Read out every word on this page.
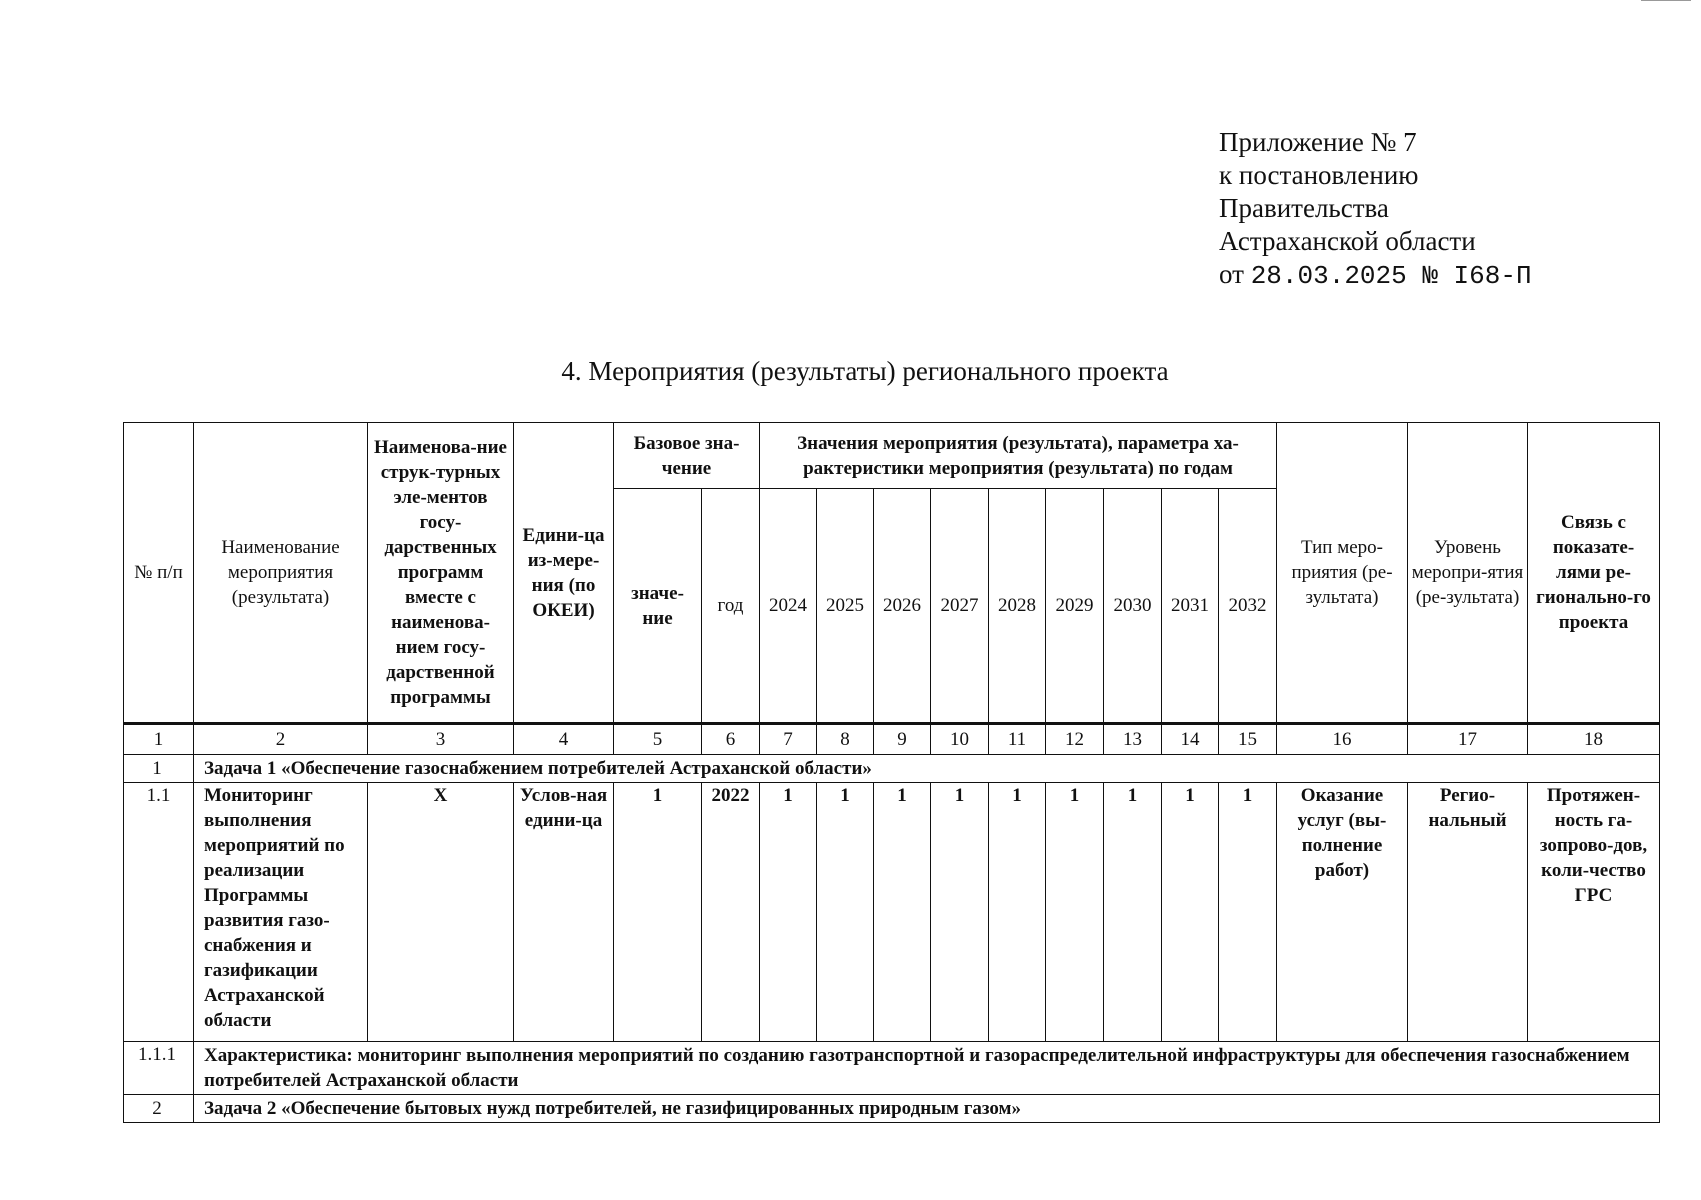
Приложение № 7
к постановлению
Правительства
Астраханской области
от 28.03.2025 № I68-П
4. Мероприятия (результаты) регионального проекта
№ п/п	Наименование мероприятия (результата)	Наименова-ние струк-турных эле-ментов госу-дарственных программ вместе с наименова-нием госу-дарственной программы	Едини-ца из-мере-ния (по ОКЕИ)	Базовое зна-чение		Значения мероприятия (результата), параметра ха-рактеристики мероприятия (результата) по годам									Тип меро-приятия (ре-зультата)	Уровень меропри-ятия (ре-зультата)	Связь с показате-лями ре-гионально-го проекта
				значе-ние	год	2024	2025	2026	2027	2028	2029	2030	2031	2032			
1	2	3	4	5	6	7	8	9	10	11	12	13	14	15	16	17	18
1	Задача 1 «Обеспечение газоснабжением потребителей Астраханской области»																
1.1	Мониторинг выполнения мероприятий по реализации Программы развития газо-снабжения и газификации Астраханской области	Х	Услов-ная едини-ца	1	2022	1	1	1	1	1	1	1	1	1	Оказание услуг (вы-полнение работ)	Регио-нальный	Протяжен-ность га-зопрово-дов, коли-чество ГРС
1.1.1	Характеристика: мониторинг выполнения мероприятий по созданию газотранспортной и газораспределительной инфраструктуры для обеспечения газоснабжением потребителей Астраханской области																
2	Задача 2 «Обеспечение бытовых нужд потребителей, не газифицированных природным газом»																
